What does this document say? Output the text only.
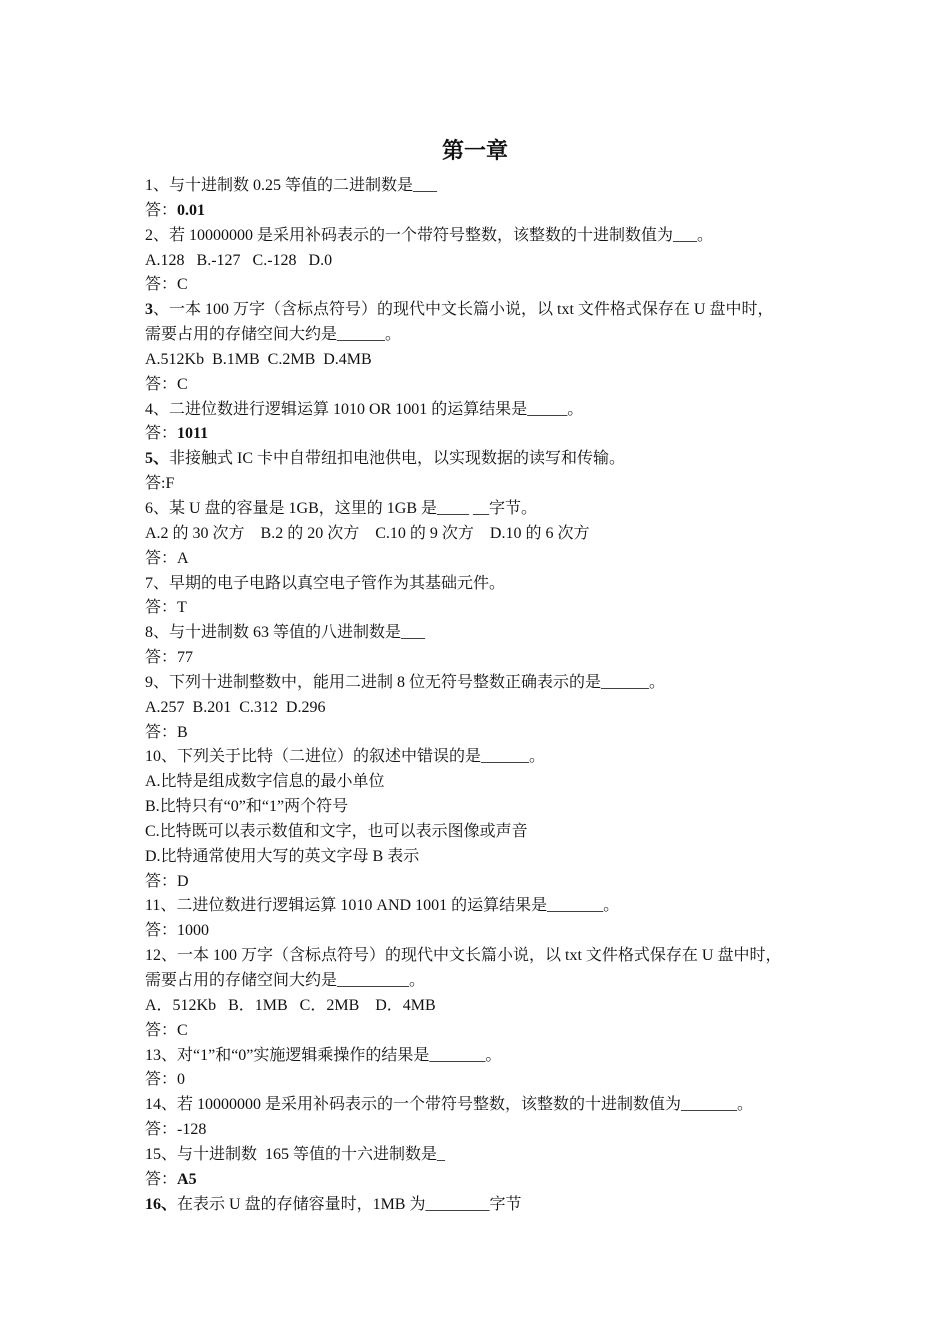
第一章
1、与十进制数 0.25 等值的二进制数是___
答：0.01
2、若 10000000 是采用补码表示的一个带符号整数，该整数的十进制数值为___。
A.128   B.-127   C.-128   D.0
答：C
3、一本 100 万字（含标点符号）的现代中文长篇小说，以 txt 文件格式保存在 U 盘中时，
需要占用的存储空间大约是______。
A.512Kb  B.1MB  C.2MB  D.4MB
答：C
4、二进位数进行逻辑运算 1010 OR 1001 的运算结果是_____。
答：1011
5、非接触式 IC 卡中自带纽扣电池供电，以实现数据的读写和传输。
答:F
6、某 U 盘的容量是 1GB，这里的 1GB 是____ __字节。
A.2 的 30 次方    B.2 的 20 次方    C.10 的 9 次方    D.10 的 6 次方
答：A
7、早期的电子电路以真空电子管作为其基础元件。
答：T
8、与十进制数 63 等值的八进制数是___
答：77
9、下列十进制整数中，能用二进制 8 位无符号整数正确表示的是______。
A.257  B.201  C.312  D.296
答：B
10、下列关于比特（二进位）的叙述中错误的是______。
A.比特是组成数字信息的最小单位
B.比特只有“0”和“1”两个符号
C.比特既可以表示数值和文字，也可以表示图像或声音
D.比特通常使用大写的英文字母 B 表示
答：D
11、二进位数进行逻辑运算 1010 AND 1001 的运算结果是_______。
答：1000
12、一本 100 万字（含标点符号）的现代中文长篇小说，以 txt 文件格式保存在 U 盘中时，
需要占用的存储空间大约是_________。
A．512Kb   B．1MB   C．2MB    D．4MB
答：C
13、对“1”和“0”实施逻辑乘操作的结果是_______。
答：0
14、若 10000000 是采用补码表示的一个带符号整数，该整数的十进制数值为_______。
答：-128
15、与十进制数  165 等值的十六进制数是_
答：A5
16、在表示 U 盘的存储容量时，1MB 为________字节
